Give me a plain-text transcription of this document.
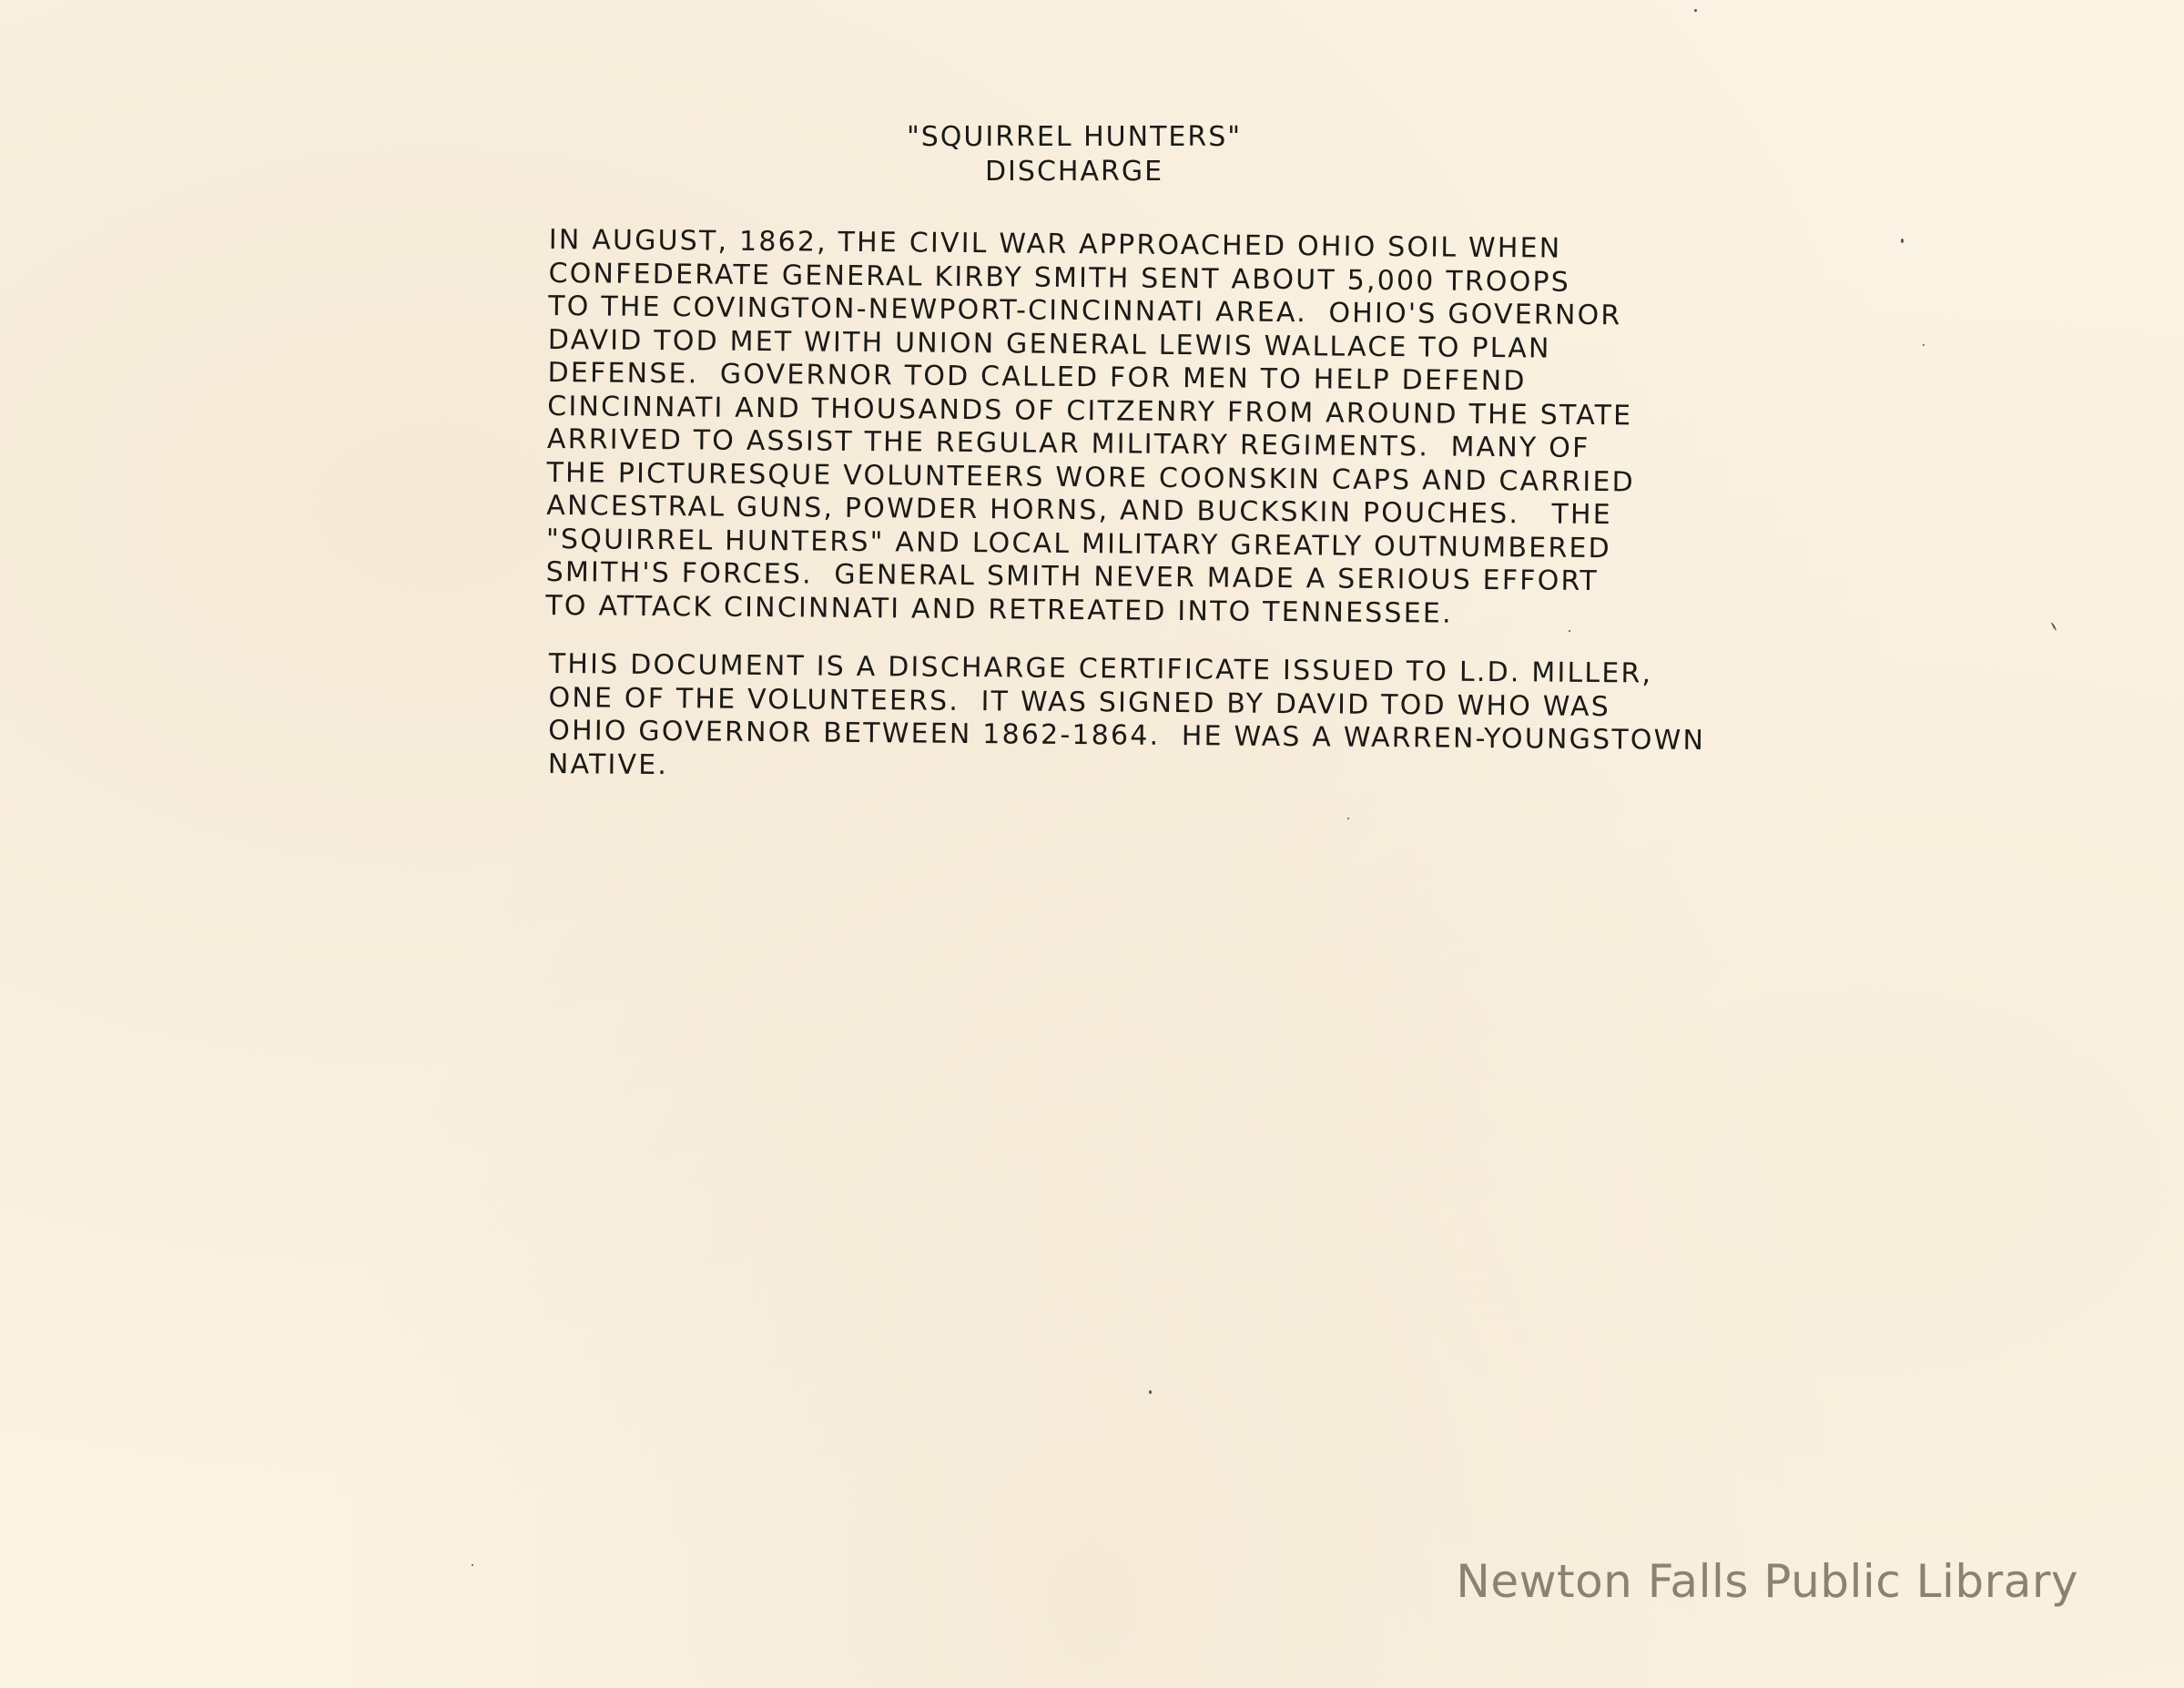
"SQUIRREL HUNTERS"
DISCHARGE
IN AUGUST, 1862, THE CIVIL WAR APPROACHED OHIO SOIL WHEN
CONFEDERATE GENERAL KIRBY SMITH SENT ABOUT 5,000 TROOPS
TO THE COVINGTON-NEWPORT-CINCINNATI AREA.  OHIO'S GOVERNOR
DAVID TOD MET WITH UNION GENERAL LEWIS WALLACE TO PLAN
DEFENSE.  GOVERNOR TOD CALLED FOR MEN TO HELP DEFEND
CINCINNATI AND THOUSANDS OF CITZENRY FROM AROUND THE STATE
ARRIVED TO ASSIST THE REGULAR MILITARY REGIMENTS.  MANY OF
THE PICTURESQUE VOLUNTEERS WORE COONSKIN CAPS AND CARRIED
ANCESTRAL GUNS, POWDER HORNS, AND BUCKSKIN POUCHES.   THE
"SQUIRREL HUNTERS" AND LOCAL MILITARY GREATLY OUTNUMBERED
SMITH'S FORCES.  GENERAL SMITH NEVER MADE A SERIOUS EFFORT
TO ATTACK CINCINNATI AND RETREATED INTO TENNESSEE.
THIS DOCUMENT IS A DISCHARGE CERTIFICATE ISSUED TO L.D. MILLER,
ONE OF THE VOLUNTEERS.  IT WAS SIGNED BY DAVID TOD WHO WAS
OHIO GOVERNOR BETWEEN 1862-1864.  HE WAS A WARREN-YOUNGSTOWN
NATIVE.
Newton Falls Public Library
